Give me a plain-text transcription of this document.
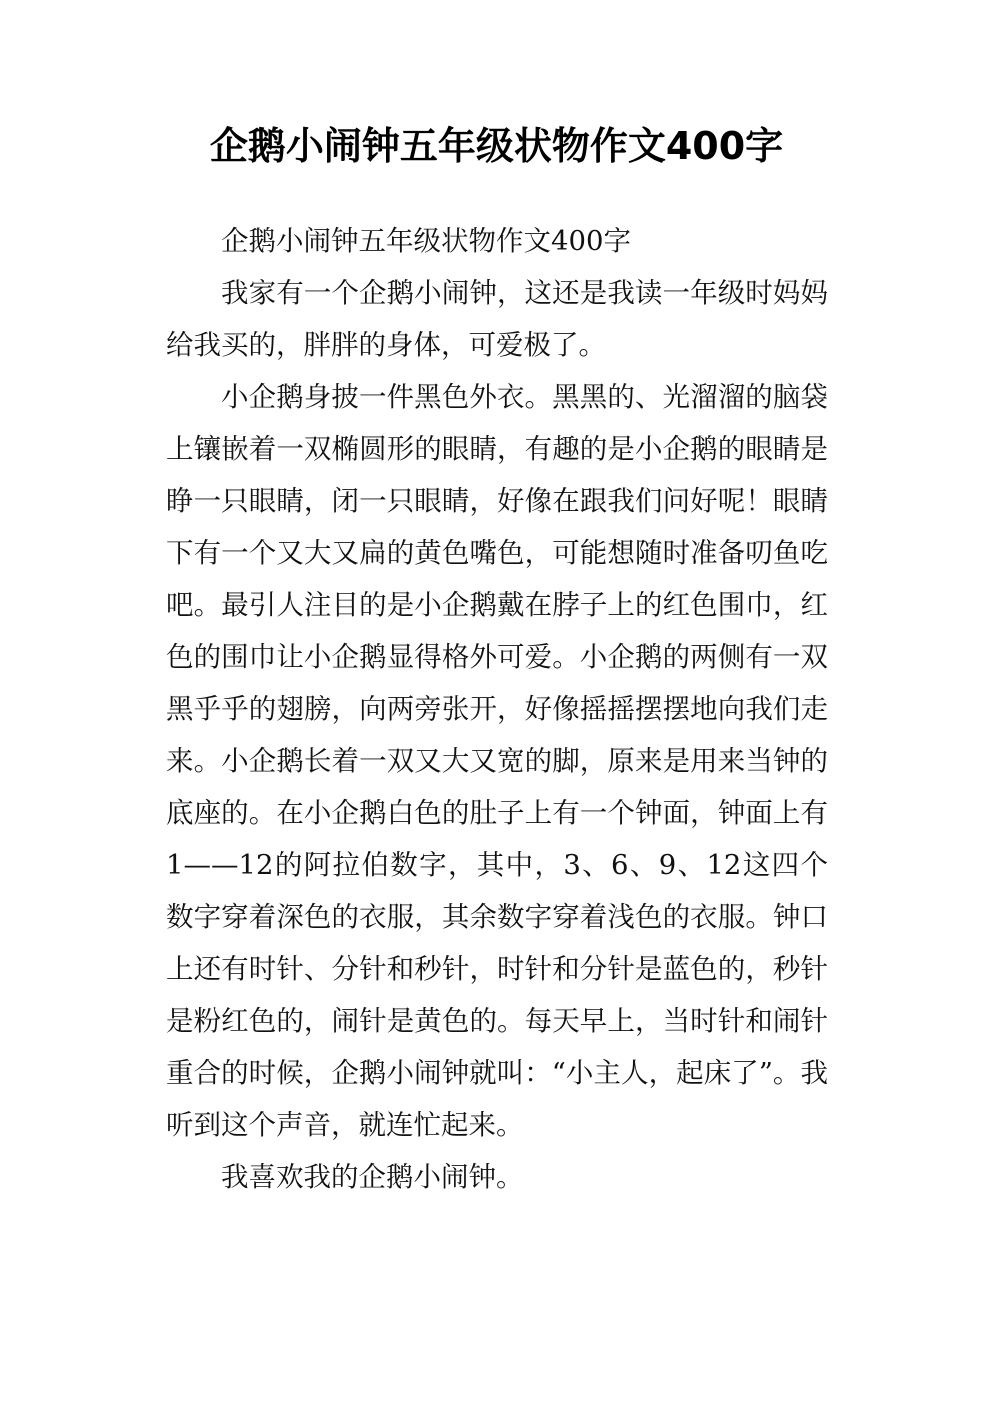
企鹅小闹钟五年级状物作文400字

企鹅小闹钟五年级状物作文400字

我家有一个企鹅小闹钟，这还是我读一年级时妈妈给我买的，胖胖的身体，可爱极了。

小企鹅身披一件黑色外衣。黑黑的、光溜溜的脑袋上镶嵌着一双椭圆形的眼睛，有趣的是小企鹅的眼睛是睁一只眼睛，闭一只眼睛，好像在跟我们问好呢！眼睛下有一个又大又扁的黄色嘴色，可能想随时准备叨鱼吃吧。最引人注目的是小企鹅戴在脖子上的红色围巾，红色的围巾让小企鹅显得格外可爱。小企鹅的两侧有一双黑乎乎的翅膀，向两旁张开，好像摇摇摆摆地向我们走来。小企鹅长着一双又大又宽的脚，原来是用来当钟的底座的。在小企鹅白色的肚子上有一个钟面，钟面上有1——12的阿拉伯数字，其中，3、6、9、12这四个数字穿着深色的衣服，其余数字穿着浅色的衣服。钟口上还有时针、分针和秒针，时针和分针是蓝色的，秒针是粉红色的，闹针是黄色的。每天早上，当时针和闹针重合的时候，企鹅小闹钟就叫：“小主人，起床了”。我听到这个声音，就连忙起来。

我喜欢我的企鹅小闹钟。
